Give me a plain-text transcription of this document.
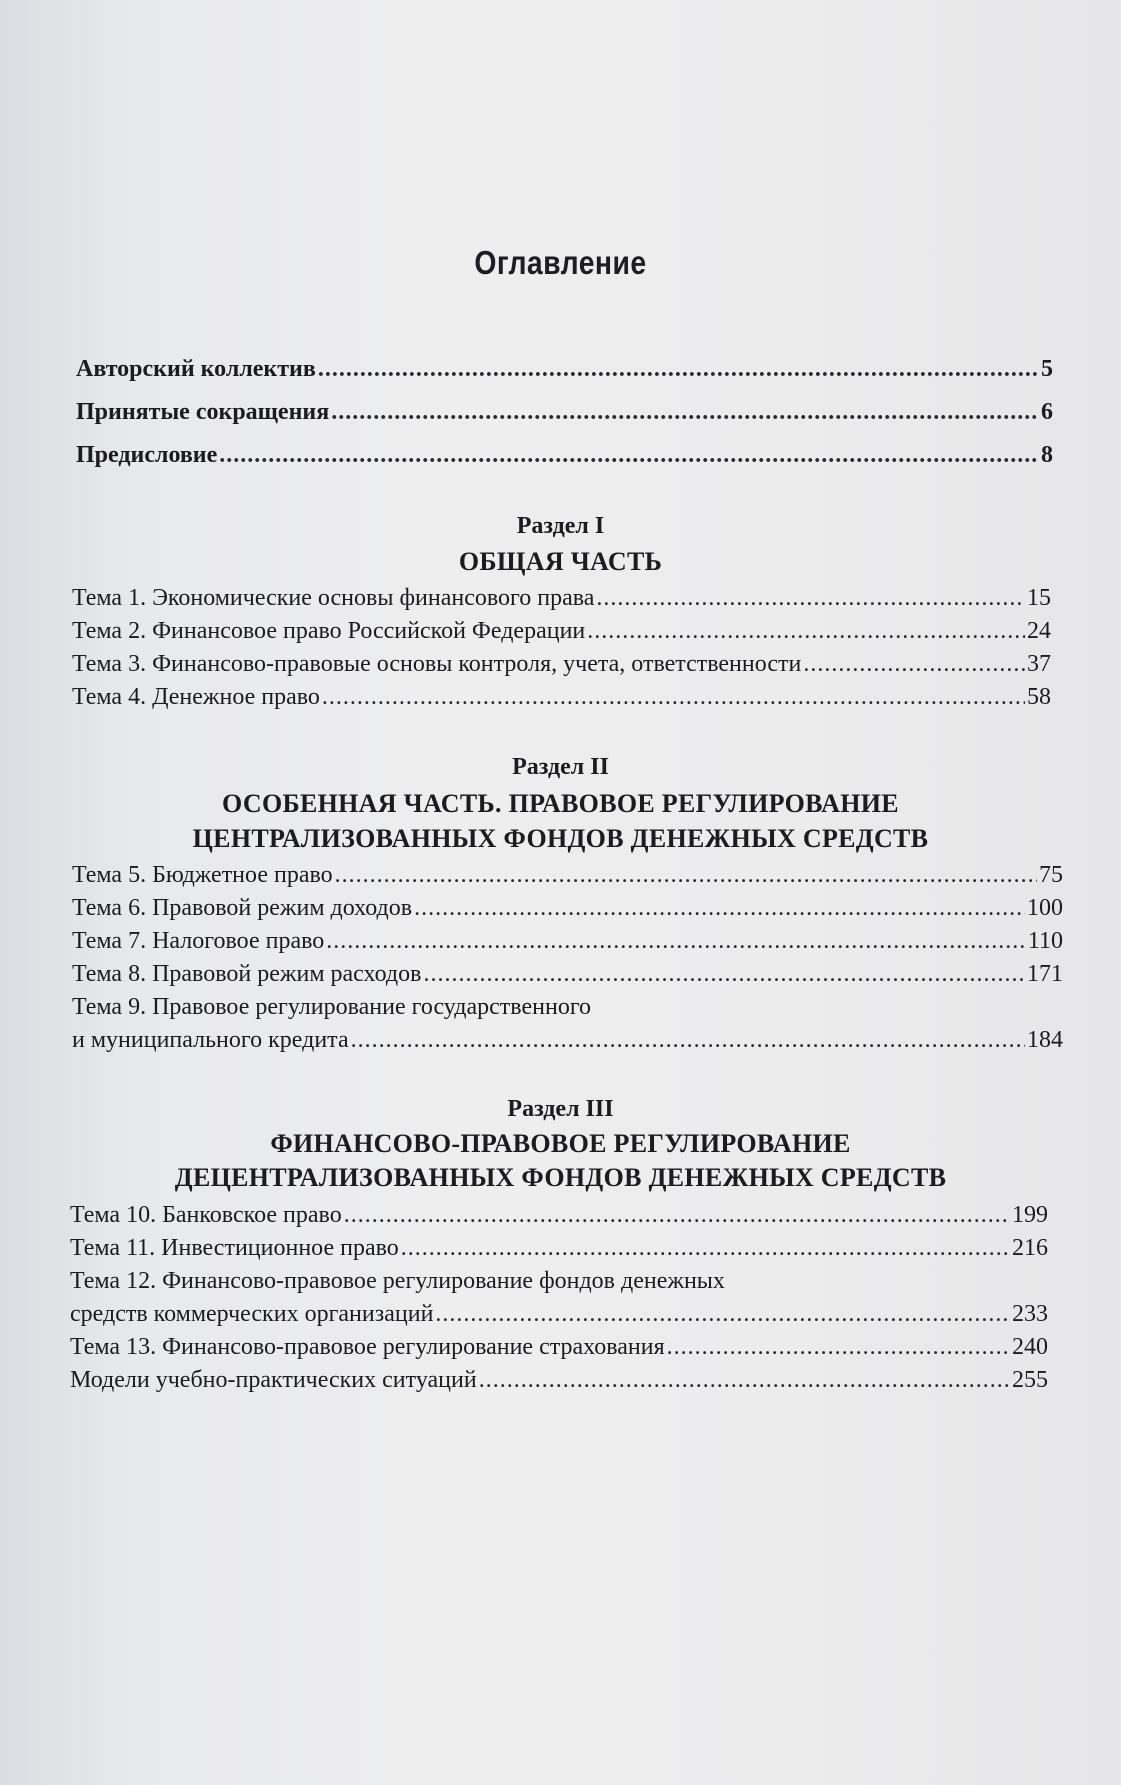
Оглавление
Авторский коллектив .....	5
Принятые сокращения .....	6
Предисловие .....	8
Раздел I
ОБЩАЯ ЧАСТЬ
Тема 1. Экономические основы финансового права .....	15
Тема 2. Финансовое право Российской Федерации .....	24
Тема 3. Финансово-правовые основы контроля, учета, ответственности .....	37
Тема 4. Денежное право .....	58
Раздел II
ОСОБЕННАЯ ЧАСТЬ. ПРАВОВОЕ РЕГУЛИРОВАНИЕ
ЦЕНТРАЛИЗОВАННЫХ ФОНДОВ ДЕНЕЖНЫХ СРЕДСТВ
Тема 5. Бюджетное право .....	75
Тема 6. Правовой режим доходов .....	100
Тема 7. Налоговое право .....	110
Тема 8. Правовой режим расходов .....	171
Тема 9. Правовое регулирование государственного
и муниципального кредита .....	184
Раздел III
ФИНАНСОВО-ПРАВОВОЕ РЕГУЛИРОВАНИЕ
ДЕЦЕНТРАЛИЗОВАННЫХ ФОНДОВ ДЕНЕЖНЫХ СРЕДСТВ
Тема 10. Банковское право .....	199
Тема 11. Инвестиционное право .....	216
Тема 12. Финансово-правовое регулирование фондов денежных
средств коммерческих организаций .....	233
Тема 13. Финансово-правовое регулирование страхования .....	240
Модели учебно-практических ситуаций .....	255
